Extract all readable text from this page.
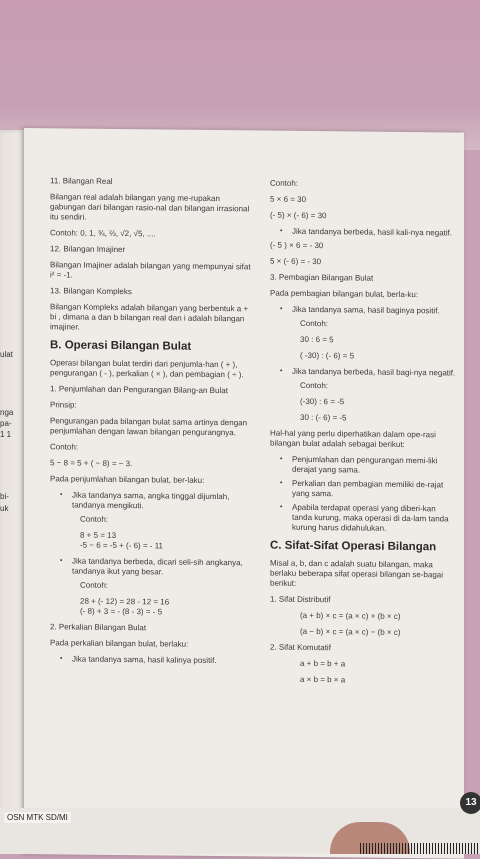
ulat
nga
pa-
1 1
bi-
uk
11. Bilangan Real
Bilangan real adalah bilangan yang me-rupakan gabungan dari bilangan rasio-nal dan bilangan irrasional itu sendiri.
Contoh: 0, 1, ¾, ⅔, √2, √5, ....
12. Bilangan Imajiner
Bilangan Imajiner adalah bilangan yang mempunyai sifat i² = -1.
13. Bilangan Kompleks
Bilangan Kompleks adalah bilangan yang berbentuk a + bi , dimana a dan b bilangan real dan i adalah bilangan imajiner.
B. Operasi Bilangan Bulat
Operasi bilangan bulat terdiri dari penjumla-han ( + ), pengurangan ( - ), perkalian ( × ), dan pembagian ( ÷ ).
1. Penjumlahan dan Pengurangan Bilang-an Bulat
Prinsip:
Pengurangan pada bilangan bulat sama artinya dengan penjumlahan dengan lawan bilangan pengurangnya.
Contoh:
5 − 8 = 5 + ( − 8) = − 3.
Pada penjumlahan bilangan bulat, ber-laku:
• Jika tandanya sama, angka tinggal dijumlah, tandanya mengikuti.
Contoh:
8 + 5 = 13
-5 − 6 = -5 + (- 6) = - 11
• Jika tandanya berbeda, dicari seli-sih angkanya, tandanya ikut yang besar.
Contoh:
28 + (- 12) = 28 - 12 = 16
(- 8) + 3 = - (8 - 3) = - 5
2. Perkalian Bilangan Bulat
Pada perkalian bilangan bulat, berlaku:
• Jika tandanya sama, hasil kalinya positif.
Contoh:
5 × 6 = 30
(- 5) × (- 6) = 30
• Jika tandanya berbeda, hasil kali-nya negatif.
(- 5 ) × 6 = - 30
5 × (- 6) = - 30
3. Pembagian Bilangan Bulat
Pada pembagian bilangan bulat, berla-ku:
• Jika tandanya sama, hasil baginya positif.
Contoh:
30 : 6 = 5
( -30) : (- 6) = 5
• Jika tandanya berbeda, hasil bagi-nya negatif.
Contoh:
(-30) : 6 = -5
30 : (- 6) = -5
Hal-hal yang perlu diperhatikan dalam ope-rasi bilangan bulat adalah sebagai berikut:
• Penjumlahan dan pengurangan memi-liki derajat yang sama.
• Perkalian dan pembagian memiliki de-rajat yang sama.
• Apabila terdapat operasi yang diberi-kan tanda kurung, maka operasi di da-lam tanda kurung harus didahulukan.
C. Sifat-Sifat Operasi Bilangan
Misal a, b, dan c adalah suatu bilangan, maka berlaku beberapa sifat operasi bilangan se-bagai berikut:
1. Sifat Distributif
(a + b) × c = (a × c) + (b × c)
(a − b) × c = (a × c) − (b × c)
2. Sifat Komutatif
a + b = b + a
a × b = b × a
OSN MTK SD/MI
13
